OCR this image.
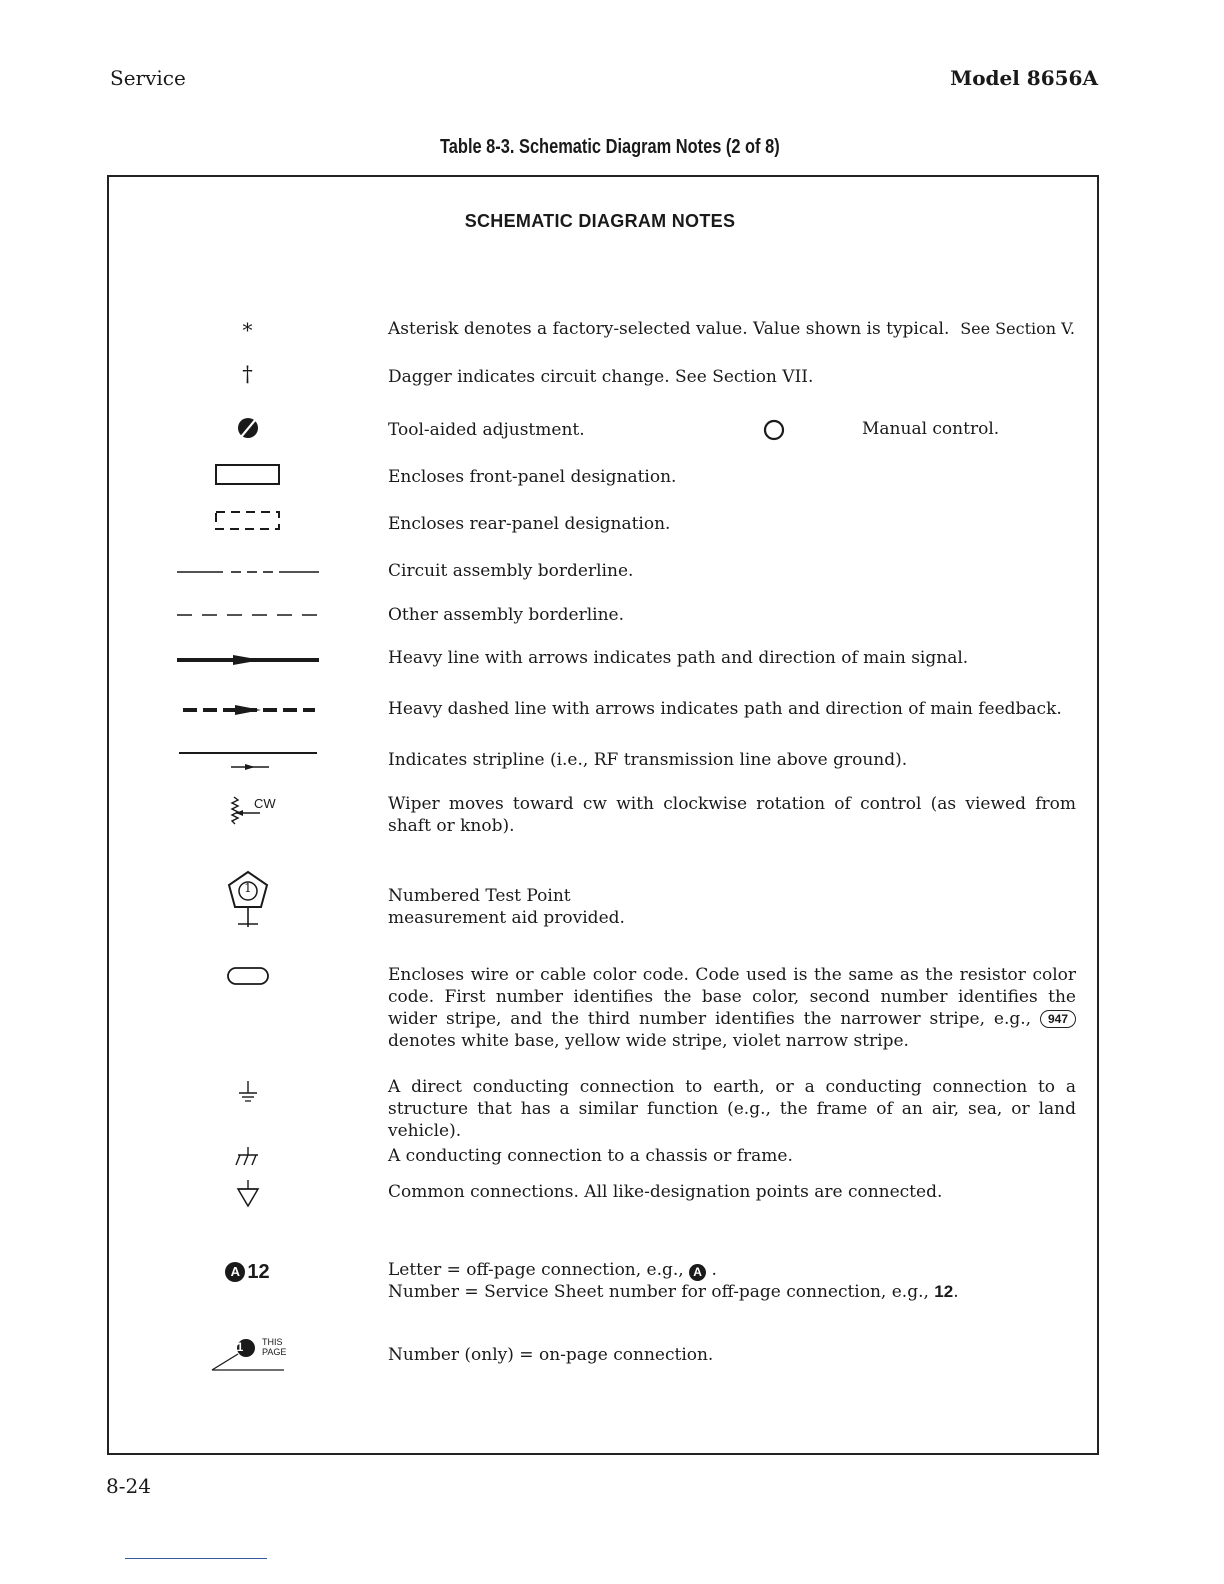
Service	Model 8656A
Table 8-3. Schematic Diagram Notes (2 of 8)
SCHEMATIC DIAGRAM NOTES
*	Asterisk denotes a factory-selected value. Value shown is typical. See Section V.
†	Dagger indicates circuit change. See Section VII.
Tool-aided adjustment.	Manual control.
Encloses front-panel designation.
Encloses rear-panel designation.
Circuit assembly borderline.
Other assembly borderline.
Heavy line with arrows indicates path and direction of main signal.
Heavy dashed line with arrows indicates path and direction of main feedback.
Indicates stripline (i.e., RF transmission line above ground).
CW	Wiper moves toward cw with clockwise rotation of control (as viewed from shaft or knob).
1	Numbered Test Point
measurement aid provided.
Encloses wire or cable color code. Code used is the same as the resistor color code. First number identifies the base color, second number identifies the wider stripe, and the third number identifies the narrower stripe, e.g., 947 denotes white base, yellow wide stripe, violet narrow stripe.
A direct conducting connection to earth, or a conducting connection to a structure that has a similar function (e.g., the frame of an air, sea, or land vehicle).
A conducting connection to a chassis or frame.
Common connections. All like-designation points are connected.
A 12	Letter = off-page connection, e.g., A .
Number = Service Sheet number for off-page connection, e.g., 12.
1 THIS
PAGE	Number (only) = on-page connection.
8-24
